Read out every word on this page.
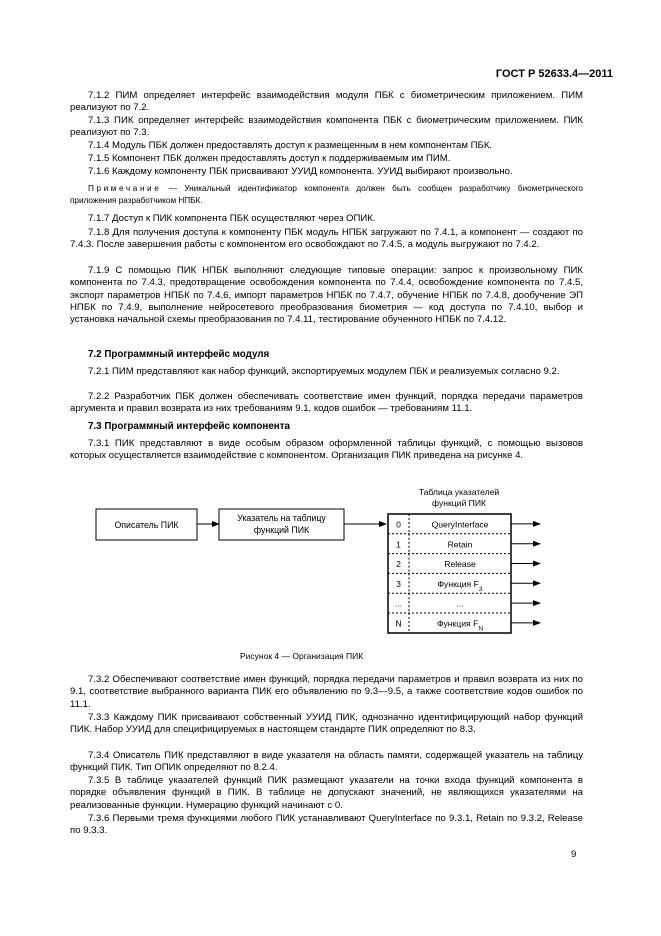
ГОСТ Р 52633.4—2011

7.1.2 ПИМ определяет интерфейс взаимодействия модуля ПБК с биометрическим приложением. ПИМ реализуют по 7.2.

7.1.3 ПИК определяет интерфейс взаимодействия компонента ПБК с биометрическим приложением. ПИК реализуют по 7.3.

7.1.4 Модуль ПБК должен предоставлять доступ к размещенным в нем компонентам ПБК.

7.1.5 Компонент ПБК должен предоставлять доступ к поддерживаемым им ПИМ.

7.1.6 Каждому компоненту ПБК присваивают УУИД компонента. УУИД выбирают произвольно.

Примечание — Уникальный идентификатор компонента должен быть сообщен разработчику биометрического приложения разработчиком НПБК.

7.1.7 Доступ к ПИК компонента ПБК осуществляют через ОПИК.

7.1.8 Для получения доступа к компоненту ПБК модуль НПБК загружают по 7.4.1, а компонент — создают по 7.4.3. После завершения работы с компонентом его освобождают по 7.4.5, а модуль выгружают по 7.4.2.

7.1.9 С помощью ПИК НПБК выполняют следующие типовые операции: запрос к произвольному ПИК компонента по 7.4.3, предотвращение освобождения компонента по 7.4.4, освобождение компонента по 7.4.5, экспорт параметров НПБК по 7.4.6, импорт параметров НПБК по 7.4.7, обучение НПБК по 7.4.8, дообучение ЭП НПБК по 7.4.9, выполнение нейросетевого преобразования биометрия — код доступа по 7.4.10, выбор и установка начальной схемы преобразования по 7.4.11, тестирование обученного НПБК по 7.4.12.

7.2 Программный интерфейс модуля

7.2.1 ПИМ представляют как набор функций, экспортируемых модулем ПБК и реализуемых согласно 9.2.

7.2.2 Разработчик ПБК должен обеспечивать соответствие имен функций, порядка передачи параметров аргумента и правил возврата из них требованиям 9.1, кодов ошибок — требованиям 11.1.

7.3 Программный интерфейс компонента

7.3.1 ПИК представляют в виде особым образом оформленной таблицы функций, с помощью вызовов которых осуществляется взаимодействие с компонентом. Организация ПИК приведена на рисунке 4.

Таблица указателей
функций ПИК
Описатель ПИК
Указатель на таблицу
функций ПИК
0	QueryInterface
1	Retain
2	Release
3	Функция $F_3$
...	...
N	Функция $F_N$
Рисунок 4 — Организация ПИК

7.3.2 Обеспечивают соответствие имен функций, порядка передачи параметров и правил возврата из них по 9.1, соответствие выбранного варианта ПИК его объявлению по 9.3—9.5, а также соответствие кодов ошибок по 11.1.

7.3.3 Каждому ПИК присваивают собственный УУИД ПИК, однозначно идентифицирующий набор функций ПИК. Набор УУИД для специфицируемых в настоящем стандарте ПИК определяют по 8.3.

7.3.4 Описатель ПИК представляют в виде указателя на область памяти, содержащей указатель на таблицу функций ПИК. Тип ОПИК определяют по 8.2.4.

7.3.5 В таблице указателей функций ПИК размещают указатели на точки входа функций компонента в порядке объявления функций в ПИК. В таблице не допускают значений, не являющихся указателями на реализованные функции. Нумерацию функций начинают с 0.

7.3.6 Первыми тремя функциями любого ПИК устанавливают QueryInterface по 9.3.1, Retain по 9.3.2, Release по 9.3.3.

9
